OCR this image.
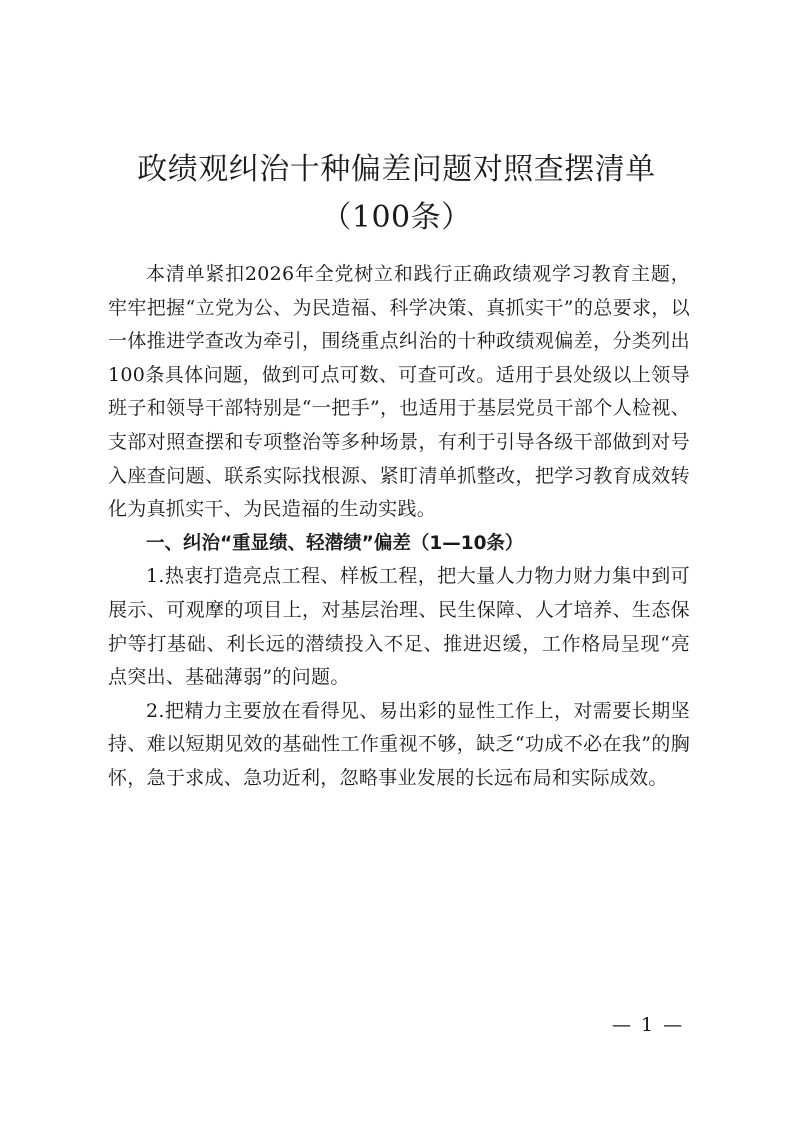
政绩观纠治十种偏差问题对照查摆清单（100条）

本清单紧扣2026年全党树立和践行正确政绩观学习教育主题，牢牢把握“立党为公、为民造福、科学决策、真抓实干”的总要求，以一体推进学查改为牵引，围绕重点纠治的十种政绩观偏差，分类列出100条具体问题，做到可点可数、可查可改。适用于县处级以上领导班子和领导干部特别是“一把手”，也适用于基层党员干部个人检视、支部对照查摆和专项整治等多种场景，有利于引导各级干部做到对号入座查问题、联系实际找根源、紧盯清单抓整改，把学习教育成效转化为真抓实干、为民造福的生动实践。

一、纠治“重显绩、轻潜绩”偏差（1—10条）

1.热衷打造亮点工程、样板工程，把大量人力物力财力集中到可展示、可观摩的项目上，对基层治理、民生保障、人才培养、生态保护等打基础、利长远的潜绩投入不足、推进迟缓，工作格局呈现“亮点突出、基础薄弱”的问题。

2.把精力主要放在看得见、易出彩的显性工作上，对需要长期坚持、难以短期见效的基础性工作重视不够，缺乏“功成不必在我”的胸怀，急于求成、急功近利，忽略事业发展的长远布局和实际成效。

— 1 —
